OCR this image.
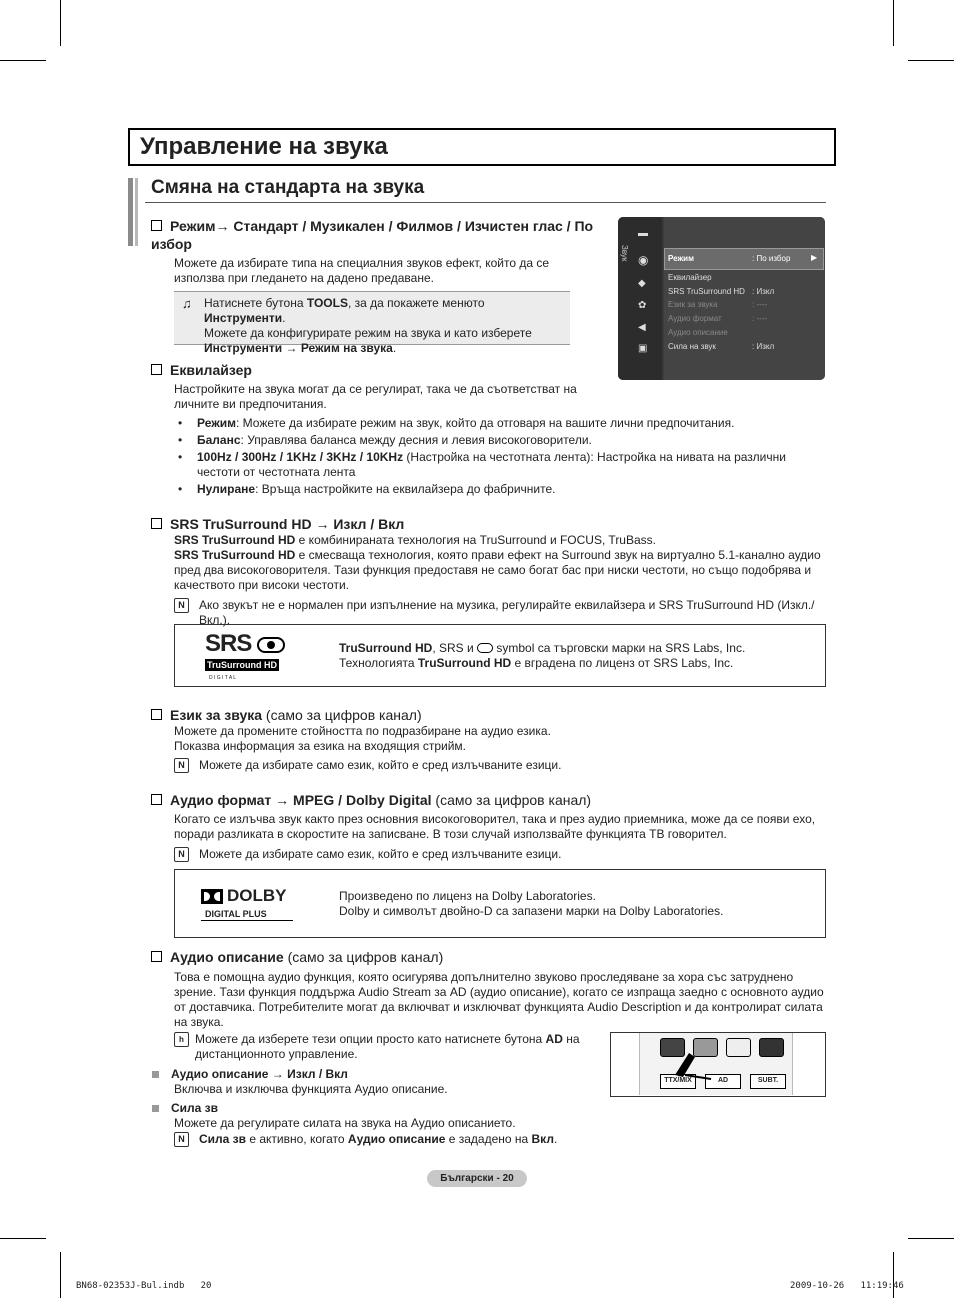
Управление на звука
Смяна на стандарта на звука
Режим→ Стандарт / Музикален / Филмов / Изчистен глас / По избор
Можете да избирате типа на специалния звуков ефект, който да се използва при гледането на дадено предаване.
♫ Натиснете бутона TOOLS, за да покажете менюто Инструменти.
Можете да конфигурирате режим на звука и като изберете
Инструменти → Режим на звука.
Звук
▬
◉
◆
✿
◀
▣
Режим	: По избор	▶
Еквилайзер
SRS TruSurround HD : Изкл
Език за звука	: ----
Аудио формат	: ----
Аудио описание
Сила на звук	: Изкл
Еквилайзер
Настройките на звука могат да се регулират, така че да съответстват на личните ви предпочитания.
•	Режим: Можете да избирате режим на звук, който да отговаря на вашите лични предпочитания.
•	Баланс: Управлява баланса между десния и левия високоговорители.
•	100Hz / 300Hz / 1KHz / 3KHz / 10KHz (Настройка на честотната лента): Настройка на нивата на различни честоти от честотната лента
•	Нулиране: Връща настройките на еквилайзера до фабричните.
SRS TruSurround HD → Изкл / Вкл
SRS TruSurround HD е комбинираната технология на TruSurround и FOCUS, TruBass.
SRS TruSurround HD е смесваща технология, която прави ефект на Surround звук на виртуално 5.1-канално аудио пред два високоговорителя. Тази функция предоставя не само богат бас при ниски честоти, но също подобрява и качеството при високи честоти.
N	Ако звукът не е нормален при изпълнение на музика, регулирайте еквилайзера и SRS TruSurround HD (Изкл./Вкл.).
SRS
TruSurround HD
D I G I T A L
TruSurround HD, SRS и  symbol са търговски марки на SRS Labs, Inc.
Технологията TruSurround HD е вградена по лиценз от SRS Labs, Inc.
Език за звука (само за цифров канал)
Можете да промените стойността по подразбиране на аудио езика.
Показва информация за езика на входящия стрийм.
N	Можете да избирате само език, който е сред излъчваните езици.
Аудио формат → MPEG / Dolby Digital (само за цифров канал)
Когато се излъчва звук както през основния високоговорител, така и през аудио приемника, може да се появи ехо, поради разликата в скоростите на записване. В този случай използвайте функцията ТВ говорител.
N	Можете да избирате само език, който е сред излъчваните езици.
DOLBY
DIGITAL PLUS
Произведено по лиценз на Dolby Laboratories.
Dolby и символът двойно-D са запазени марки на Dolby Laboratories.
Аудио описание (само за цифров канал)
Това е помощна аудио функция, която осигурява допълнително звуково проследяване за хора със затруднено зрение. Тази функция поддържа Audio Stream за AD (аудио описание), когато се изпраща заедно с основното аудио от доставчика. Потребителите могат да включват и изключват функцията Audio Description и да контролират силата на звука.
h Можете да изберете тези опции просто като натиснете бутона AD на
дистанционното управление.
TTX/MIX	AD	SUBT.
Аудио описание → Изкл / Вкл
Включва и изключва функцията Аудио описание.
Сила зв
Можете да регулирате силата на звука на Аудио описанието.
N	Сила зв е активно, когато Аудио описание е зададено на Вкл.
Български - 20
BN68-02353J-Bul.indb   20	2009-10-26   11:19:46
